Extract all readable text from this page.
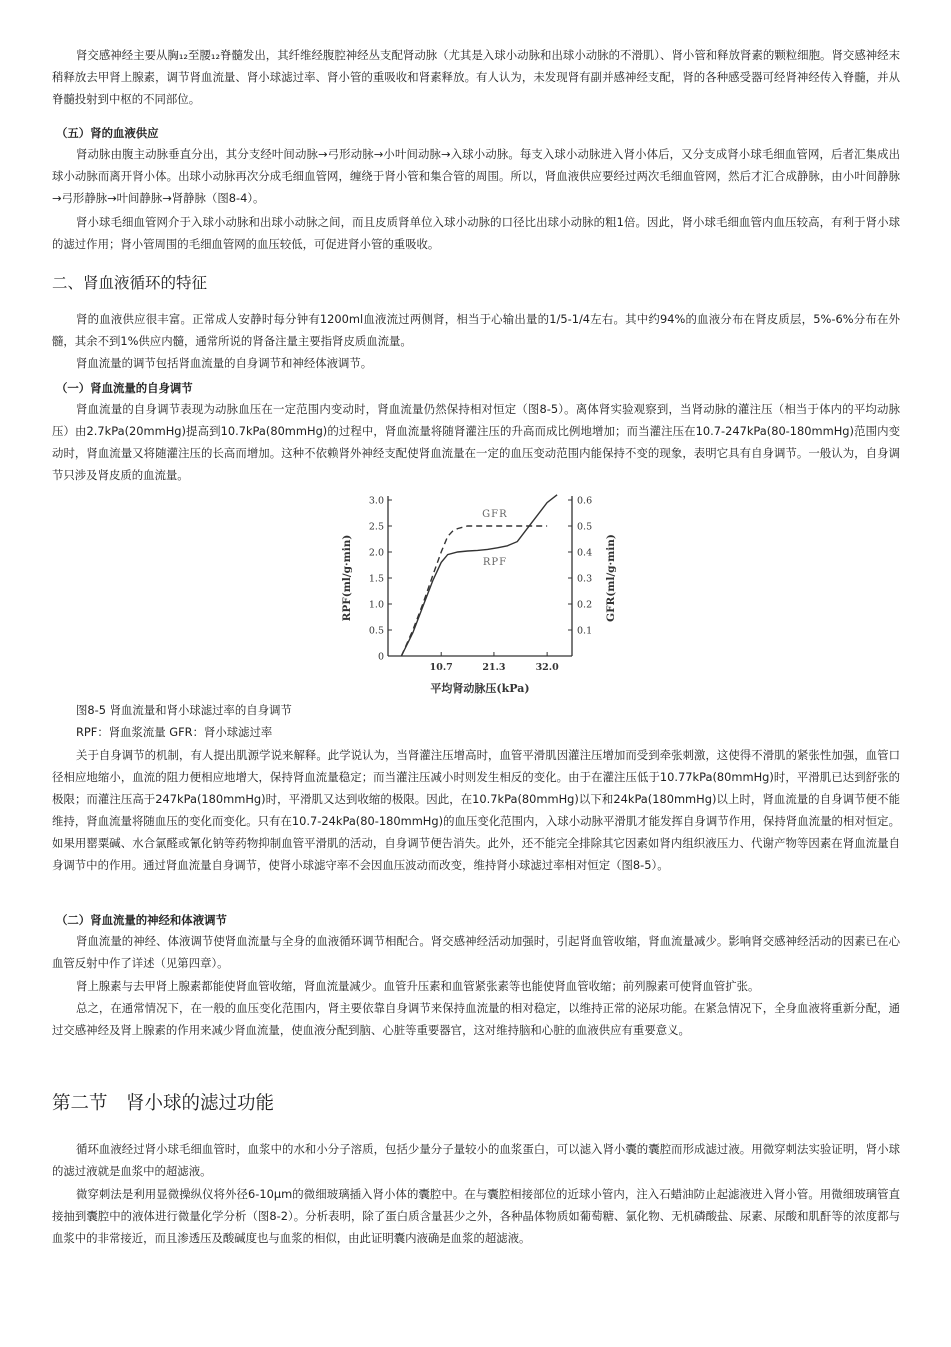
肾交感神经主要从胸₁₂至腰₁₂脊髓发出，其纤维经腹腔神经丛支配肾动脉（尤其是入球小动脉和出球小动脉的不滑肌）、肾小管和释放肾素的颗粒细胞。肾交感神经末稍释放去甲肾上腺素，调节肾血流量、肾小球滤过率、肾小管的重吸收和肾素释放。有人认为，未发现肾有副并感神经支配，肾的各种感受器可经肾神经传入脊髓，并从脊髓投射到中枢的不同部位。

（五）肾的血液供应

肾动脉由腹主动脉垂直分出，其分支经叶间动脉→弓形动脉→小叶间动脉→入球小动脉。每支入球小动脉进入肾小体后，又分支成肾小球毛细血管网，后者汇集成出球小动脉而离开肾小体。出球小动脉再次分成毛细血管网，缠绕于肾小管和集合管的周围。所以，肾血液供应要经过两次毛细血管网，然后才汇合成静脉，由小叶间静脉→弓形静脉→叶间静脉→肾静脉（图8-4）。

肾小球毛细血管网介于入球小动脉和出球小动脉之间，而且皮质肾单位入球小动脉的口径比出球小动脉的粗1倍。因此，肾小球毛细血管内血压较高，有利于肾小球的滤过作用；肾小管周围的毛细血管网的血压较低，可促进肾小管的重吸收。

二、肾血液循环的特征

肾的血液供应很丰富。正常成人安静时每分钟有1200ml血液流过两侧肾，相当于心输出量的1/5-1/4左右。其中约94%的血液分布在肾皮质层，5%-6%分布在外髓，其余不到1%供应内髓，通常所说的肾备注量主要指肾皮质血流量。

肾血流量的调节包括肾血流量的自身调节和神经体液调节。

（一）肾血流量的自身调节

肾血流量的自身调节表现为动脉血压在一定范围内变动时，肾血流量仍然保持相对恒定（图8-5）。离体肾实验观察到，当肾动脉的灌注压（相当于体内的平均动脉压）由2.7kPa(20mmHg)提高到10.7kPa(80mmHg)的过程中，肾血流量将随肾灌注压的升高而成比例地增加；而当灌注压在10.7-247kPa(80-180mmHg)范围内变动时，肾血流量又将随灌注压的长高而增加。这种不依赖肾外神经支配使肾血流量在一定的血压变动范围内能保持不变的现象，表明它具有自身调节。一般认为，自身调节只涉及肾皮质的血流量。

0
0.5
1.0
1.5
2.0
2.5
3.0
0.1
0.2
0.3
0.4
0.5
0.6
10.7	21.3	32.0
RPF
GFR
平均肾动脉压(kPa)
RPF(ml/g·min)	GFR(ml/g·min)

图8-5 肾血流量和肾小球滤过率的自身调节

RPF：肾血浆流量 GFR：肾小球滤过率

关于自身调节的机制，有人提出肌源学说来解释。此学说认为，当肾灌注压增高时，血管平滑肌因灌注压增加而受到牵张刺激，这使得不滑肌的紧张性加强，血管口径相应地缩小，血流的阻力便相应地增大，保持肾血流量稳定；而当灌注压减小时则发生相反的变化。由于在灌注压低于10.77kPa(80mmHg)时，平滑肌已达到舒张的极限；而灌注压高于247kPa(180mmHg)时，平滑肌又达到收缩的极限。因此，在10.7kPa(80mmHg)以下和24kPa(180mmHg)以上时，肾血流量的自身调节便不能维持，肾血流量将随血压的变化而变化。只有在10.7-24kPa(80-180mmHg)的血压变化范围内，入球小动脉平滑肌才能发挥自身调节作用，保持肾血流量的相对恒定。如果用罂粟碱、水合氯醛或氰化钠等药物抑制血管平滑肌的活动，自身调节便告消失。此外，还不能完全排除其它因素如肾内组织液压力、代谢产物等因素在肾血流量自身调节中的作用。通过肾血流量自身调节，使肾小球滤守率不会因血压波动而改变，维持肾小球滤过率相对恒定（图8-5）。

（二）肾血流量的神经和体液调节

肾血流量的神经、体液调节使肾血流量与全身的血液循环调节相配合。肾交感神经活动加强时，引起肾血管收缩，肾血流量减少。影响肾交感神经活动的因素已在心血管反射中作了详述（见第四章）。

肾上腺素与去甲肾上腺素都能使肾血管收缩，肾血流量减少。血管升压素和血管紧张素等也能使肾血管收缩；前列腺素可使肾血管扩张。

总之，在通常情况下，在一般的血压变化范围内，肾主要依靠自身调节来保持血流量的相对稳定，以维持正常的泌尿功能。在紧急情况下，全身血液将重新分配，通过交感神经及肾上腺素的作用来减少肾血流量，使血液分配到脑、心脏等重要器官，这对维持脑和心脏的血液供应有重要意义。

第二节　肾小球的滤过功能

循环血液经过肾小球毛细血管时，血浆中的水和小分子溶质，包括少量分子量较小的血浆蛋白，可以滤入肾小囊的囊腔而形成滤过液。用微穿刺法实验证明，肾小球的滤过液就是血浆中的超滤液。

微穿刺法是利用显微操纵仪将外径6-10μm的微细玻璃插入肾小体的囊腔中。在与囊腔相接部位的近球小管内，注入石蜡油防止起滤液进入肾小管。用微细玻璃管直接抽到囊腔中的液体进行微量化学分析（图8-2）。分析表明，除了蛋白质含量甚少之外，各种晶体物质如葡萄糖、氯化物、无机磷酸盐、尿素、尿酸和肌酐等的浓度都与血浆中的非常接近，而且渗透压及酸碱度也与血浆的相似，由此证明囊内液确是血浆的超滤液。
